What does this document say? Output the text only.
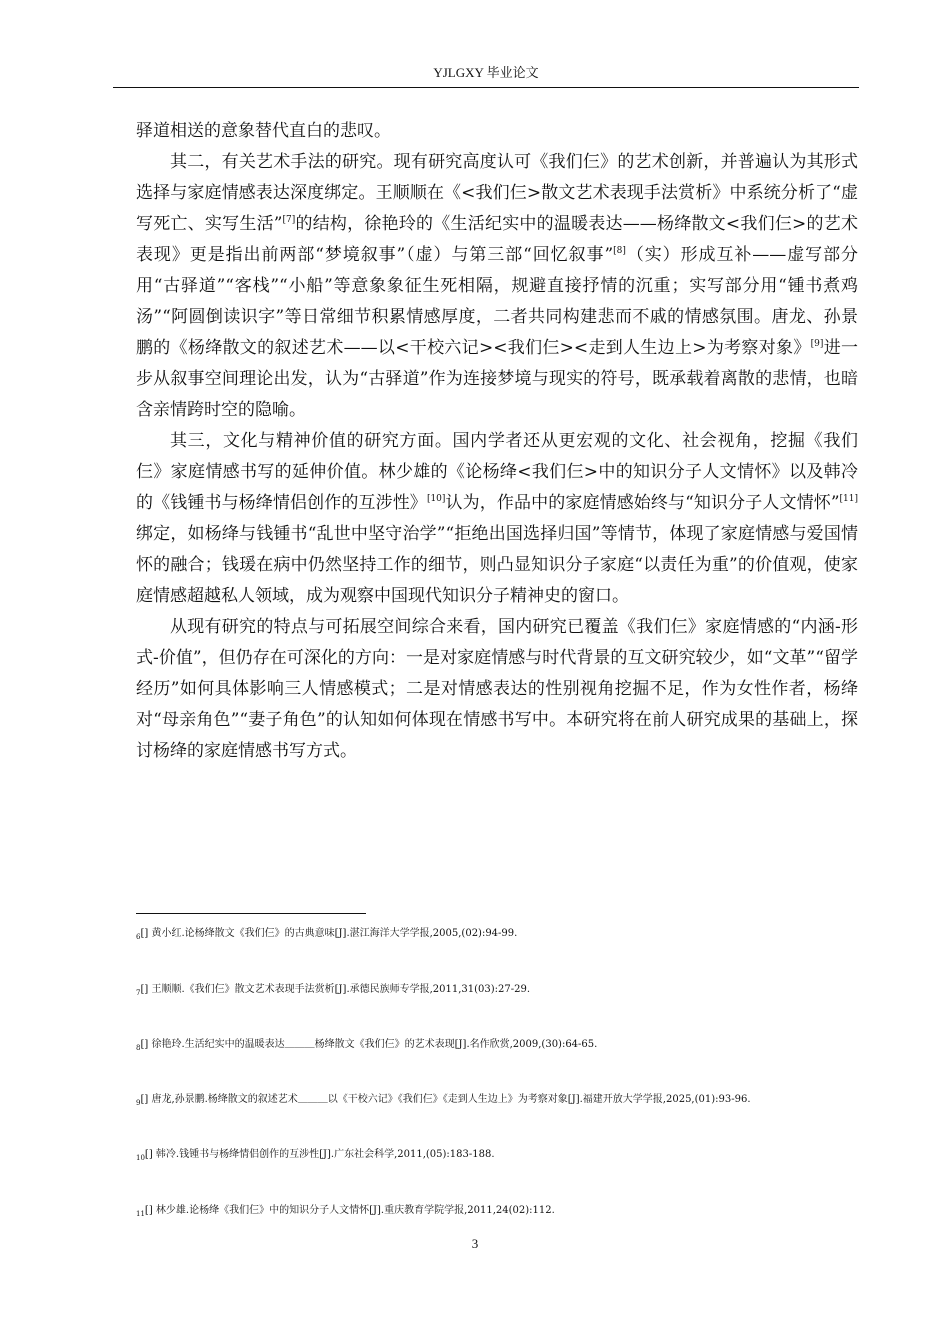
YJLGXY 毕业论文

驿道相送的意象替代直白的悲叹。

其二，有关艺术手法的研究。现有研究高度认可《我们仨》的艺术创新，并普遍认为其形式选择与家庭情感表达深度绑定。王顺顺在《<我们仨>散文艺术表现手法赏析》中系统分析了“虚写死亡、实写生活”[7]的结构，徐艳玲的《生活纪实中的温暖表达——杨绛散文<我们仨>的艺术表现》更是指出前两部“梦境叙事”（虚）与第三部“回忆叙事”[8]（实）形成互补——虚写部分用“古驿道”“客栈”“小船”等意象象征生死相隔，规避直接抒情的沉重；实写部分用“锺书煮鸡汤”“阿圆倒读识字”等日常细节积累情感厚度，二者共同构建悲而不戚的情感氛围。唐龙、孙景鹏的《杨绛散文的叙述艺术——以<干校六记><我们仨><走到人生边上>为考察对象》[9]进一步从叙事空间理论出发，认为“古驿道”作为连接梦境与现实的符号，既承载着离散的悲情，也暗含亲情跨时空的隐喻。

其三，文化与精神价值的研究方面。国内学者还从更宏观的文化、社会视角，挖掘《我们仨》家庭情感书写的延伸价值。林少雄的《论杨绛<我们仨>中的知识分子人文情怀》以及韩冷的《钱锺书与杨绛情侣创作的互涉性》[10]认为，作品中的家庭情感始终与“知识分子人文情怀”[11]绑定，如杨绛与钱锺书“乱世中坚守治学”“拒绝出国选择归国”等情节，体现了家庭情感与爱国情怀的融合；钱瑗在病中仍然坚持工作的细节，则凸显知识分子家庭“以责任为重”的价值观，使家庭情感超越私人领域，成为观察中国现代知识分子精神史的窗口。

从现有研究的特点与可拓展空间综合来看，国内研究已覆盖《我们仨》家庭情感的“内涵-形式-价值”，但仍存在可深化的方向：一是对家庭情感与时代背景的互文研究较少，如“文革”“留学经历”如何具体影响三人情感模式；二是对情感表达的性别视角挖掘不足，作为女性作者，杨绛对“母亲角色”“妻子角色”的认知如何体现在情感书写中。本研究将在前人研究成果的基础上，探讨杨绛的家庭情感书写方式。

$_6$[] 黄小红.论杨绛散文《我们仨》的古典意味[J].湛江海洋大学学报,2005,(02):94-99.
$_7$[] 王顺顺.《我们仨》散文艺术表现手法赏析[J].承德民族师专学报,2011,31(03):27-29.
$_8$[] 徐艳玲.生活纪实中的温暖表达＿＿＿杨绛散文《我们仨》的艺术表现[J].名作欣赏,2009,(30):64-65.
$_9$[] 唐龙,孙景鹏.杨绛散文的叙述艺术＿＿＿以《干校六记》《我们仨》《走到人生边上》为考察对象[J].福建开放大学学报,2025,(01):93-96.
$_{10}$[] 韩冷.钱锺书与杨绛情侣创作的互涉性[J].广东社会科学,2011,(05):183-188.
$_{11}$[] 林少雄.论杨绛《我们仨》中的知识分子人文情怀[J].重庆教育学院学报,2011,24(02):112.
3
